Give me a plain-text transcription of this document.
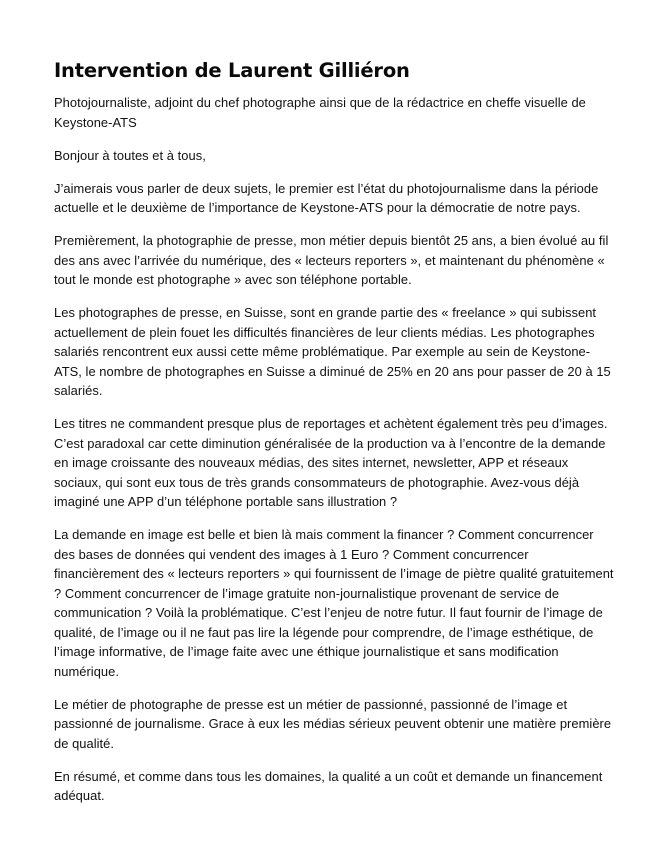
Intervention de Laurent Gilliéron

Photojournaliste, adjoint du chef photographe ainsi que de la rédactrice en cheffe visuelle de Keystone-ATS

Bonjour à toutes et à tous,

J’aimerais vous parler de deux sujets, le premier est l’état du photojournalisme dans la période actuelle et le deuxième de l’importance de Keystone-ATS pour la démocratie de notre pays.

Premièrement, la photographie de presse, mon métier depuis bientôt 25 ans, a bien évolué au fil des ans avec l’arrivée du numérique, des « lecteurs reporters », et maintenant du phénomène « tout le monde est photographe » avec son téléphone portable.

Les photographes de presse, en Suisse, sont en grande partie des « freelance » qui subissent actuellement de plein fouet les difficultés financières de leur clients médias. Les photographes salariés rencontrent eux aussi cette même problématique. Par exemple au sein de Keystone-ATS, le nombre de photographes en Suisse a diminué de 25% en 20 ans pour passer de 20 à 15 salariés.

Les titres ne commandent presque plus de reportages et achètent également très peu d’images. C’est paradoxal car cette diminution généralisée de la production va à l’encontre de la demande en image croissante des nouveaux médias, des sites internet, newsletter, APP et réseaux sociaux, qui sont eux tous de très grands consommateurs de photographie. Avez-vous déjà imaginé une APP d’un téléphone portable sans illustration ?

La demande en image est belle et bien là mais comment la financer ? Comment concurrencer des bases de données qui vendent des images à 1 Euro ? Comment concurrencer financièrement des « lecteurs reporters » qui fournissent de l’image de piètre qualité gratuitement ? Comment concurrencer de l’image gratuite non-journalistique provenant de service de communication ? Voilà la problématique. C’est l’enjeu de notre futur. Il faut fournir de l’image de qualité, de l’image ou il ne faut pas lire la légende pour comprendre, de l’image esthétique, de l’image informative, de l’image faite avec une éthique journalistique et sans modification numérique.

Le métier de photographe de presse est un métier de passionné, passionné de l’image et passionné de journalisme. Grace à eux les médias sérieux peuvent obtenir une matière première de qualité.

En résumé, et comme dans tous les domaines, la qualité a un coût et demande un financement adéquat.
